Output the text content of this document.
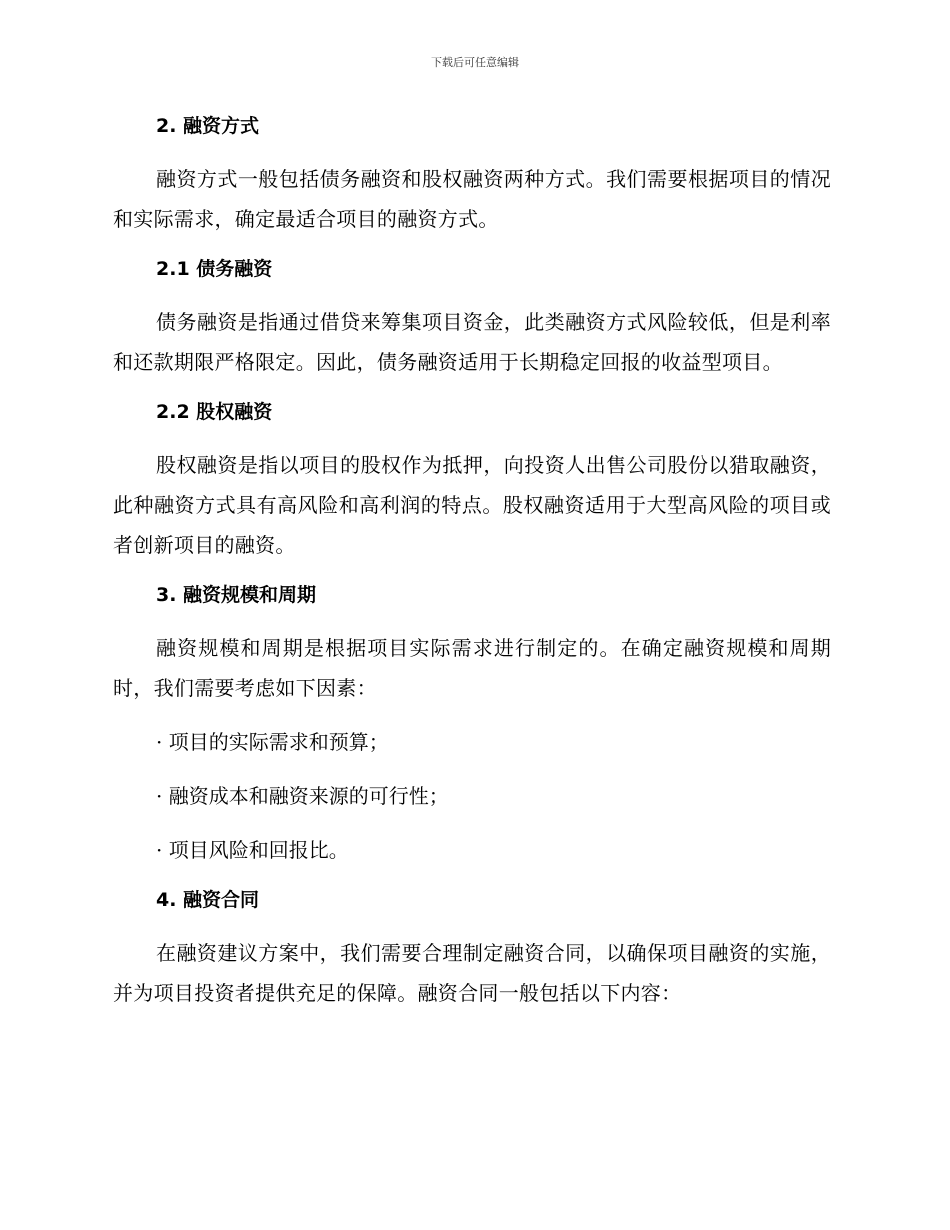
下载后可任意编辑
2. 融资方式

融资方式一般包括债务融资和股权融资两种方式。我们需要根据项目的情况和实际需求，确定最适合项目的融资方式。

2.1 债务融资

债务融资是指通过借贷来筹集项目资金，此类融资方式风险较低，但是利率和还款期限严格限定。因此，债务融资适用于长期稳定回报的收益型项目。

2.2 股权融资

股权融资是指以项目的股权作为抵押，向投资人出售公司股份以猎取融资，此种融资方式具有高风险和高利润的特点。股权融资适用于大型高风险的项目或者创新项目的融资。

3. 融资规模和周期

融资规模和周期是根据项目实际需求进行制定的。在确定融资规模和周期时，我们需要考虑如下因素：

· 项目的实际需求和预算；

· 融资成本和融资来源的可行性；

· 项目风险和回报比。

4. 融资合同

在融资建议方案中，我们需要合理制定融资合同，以确保项目融资的实施，并为项目投资者提供充足的保障。融资合同一般包括以下内容：
